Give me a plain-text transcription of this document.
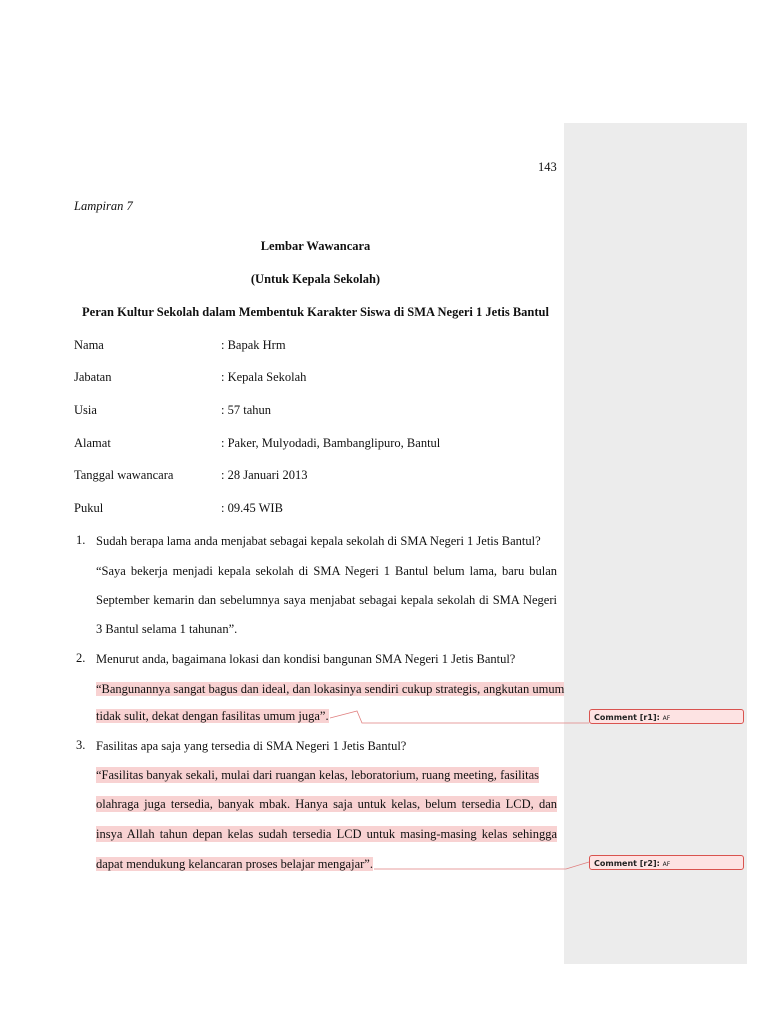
143
Lampiran 7
Lembar Wawancara
(Untuk Kepala Sekolah)
Peran Kultur Sekolah dalam Membentuk Karakter Siswa di SMA Negeri 1 Jetis Bantul
Nama	: Bapak Hrm
Jabatan	: Kepala Sekolah
Usia	: 57 tahun
Alamat	: Paker, Mulyodadi, Bambanglipuro, Bantul
Tanggal wawancara	: 28 Januari 2013
Pukul	: 09.45 WIB
1. Sudah berapa lama anda menjabat sebagai kepala sekolah di SMA Negeri 1 Jetis Bantul?
“Saya bekerja menjadi kepala sekolah di SMA Negeri 1 Bantul belum lama, baru bulan
September kemarin dan sebelumnya saya menjabat sebagai kepala sekolah di SMA Negeri
3 Bantul selama 1 tahunan”.
2. Menurut anda, bagaimana lokasi dan kondisi bangunan SMA Negeri 1 Jetis Bantul?
“Bangunannya sangat bagus dan ideal, dan lokasinya sendiri cukup strategis, angkutan umum
tidak sulit, dekat dengan fasilitas umum juga”.
3. Fasilitas apa saja yang tersedia di SMA Negeri 1 Jetis Bantul?
“Fasilitas banyak sekali, mulai dari ruangan kelas, leboratorium, ruang meeting, fasilitas
olahraga juga tersedia, banyak mbak. Hanya saja untuk kelas, belum tersedia LCD, dan
insya Allah tahun depan kelas sudah tersedia LCD untuk masing-masing kelas sehingga
dapat mendukung kelancaran proses belajar mengajar”.
Comment [r1]: AF
Comment [r2]: AF
